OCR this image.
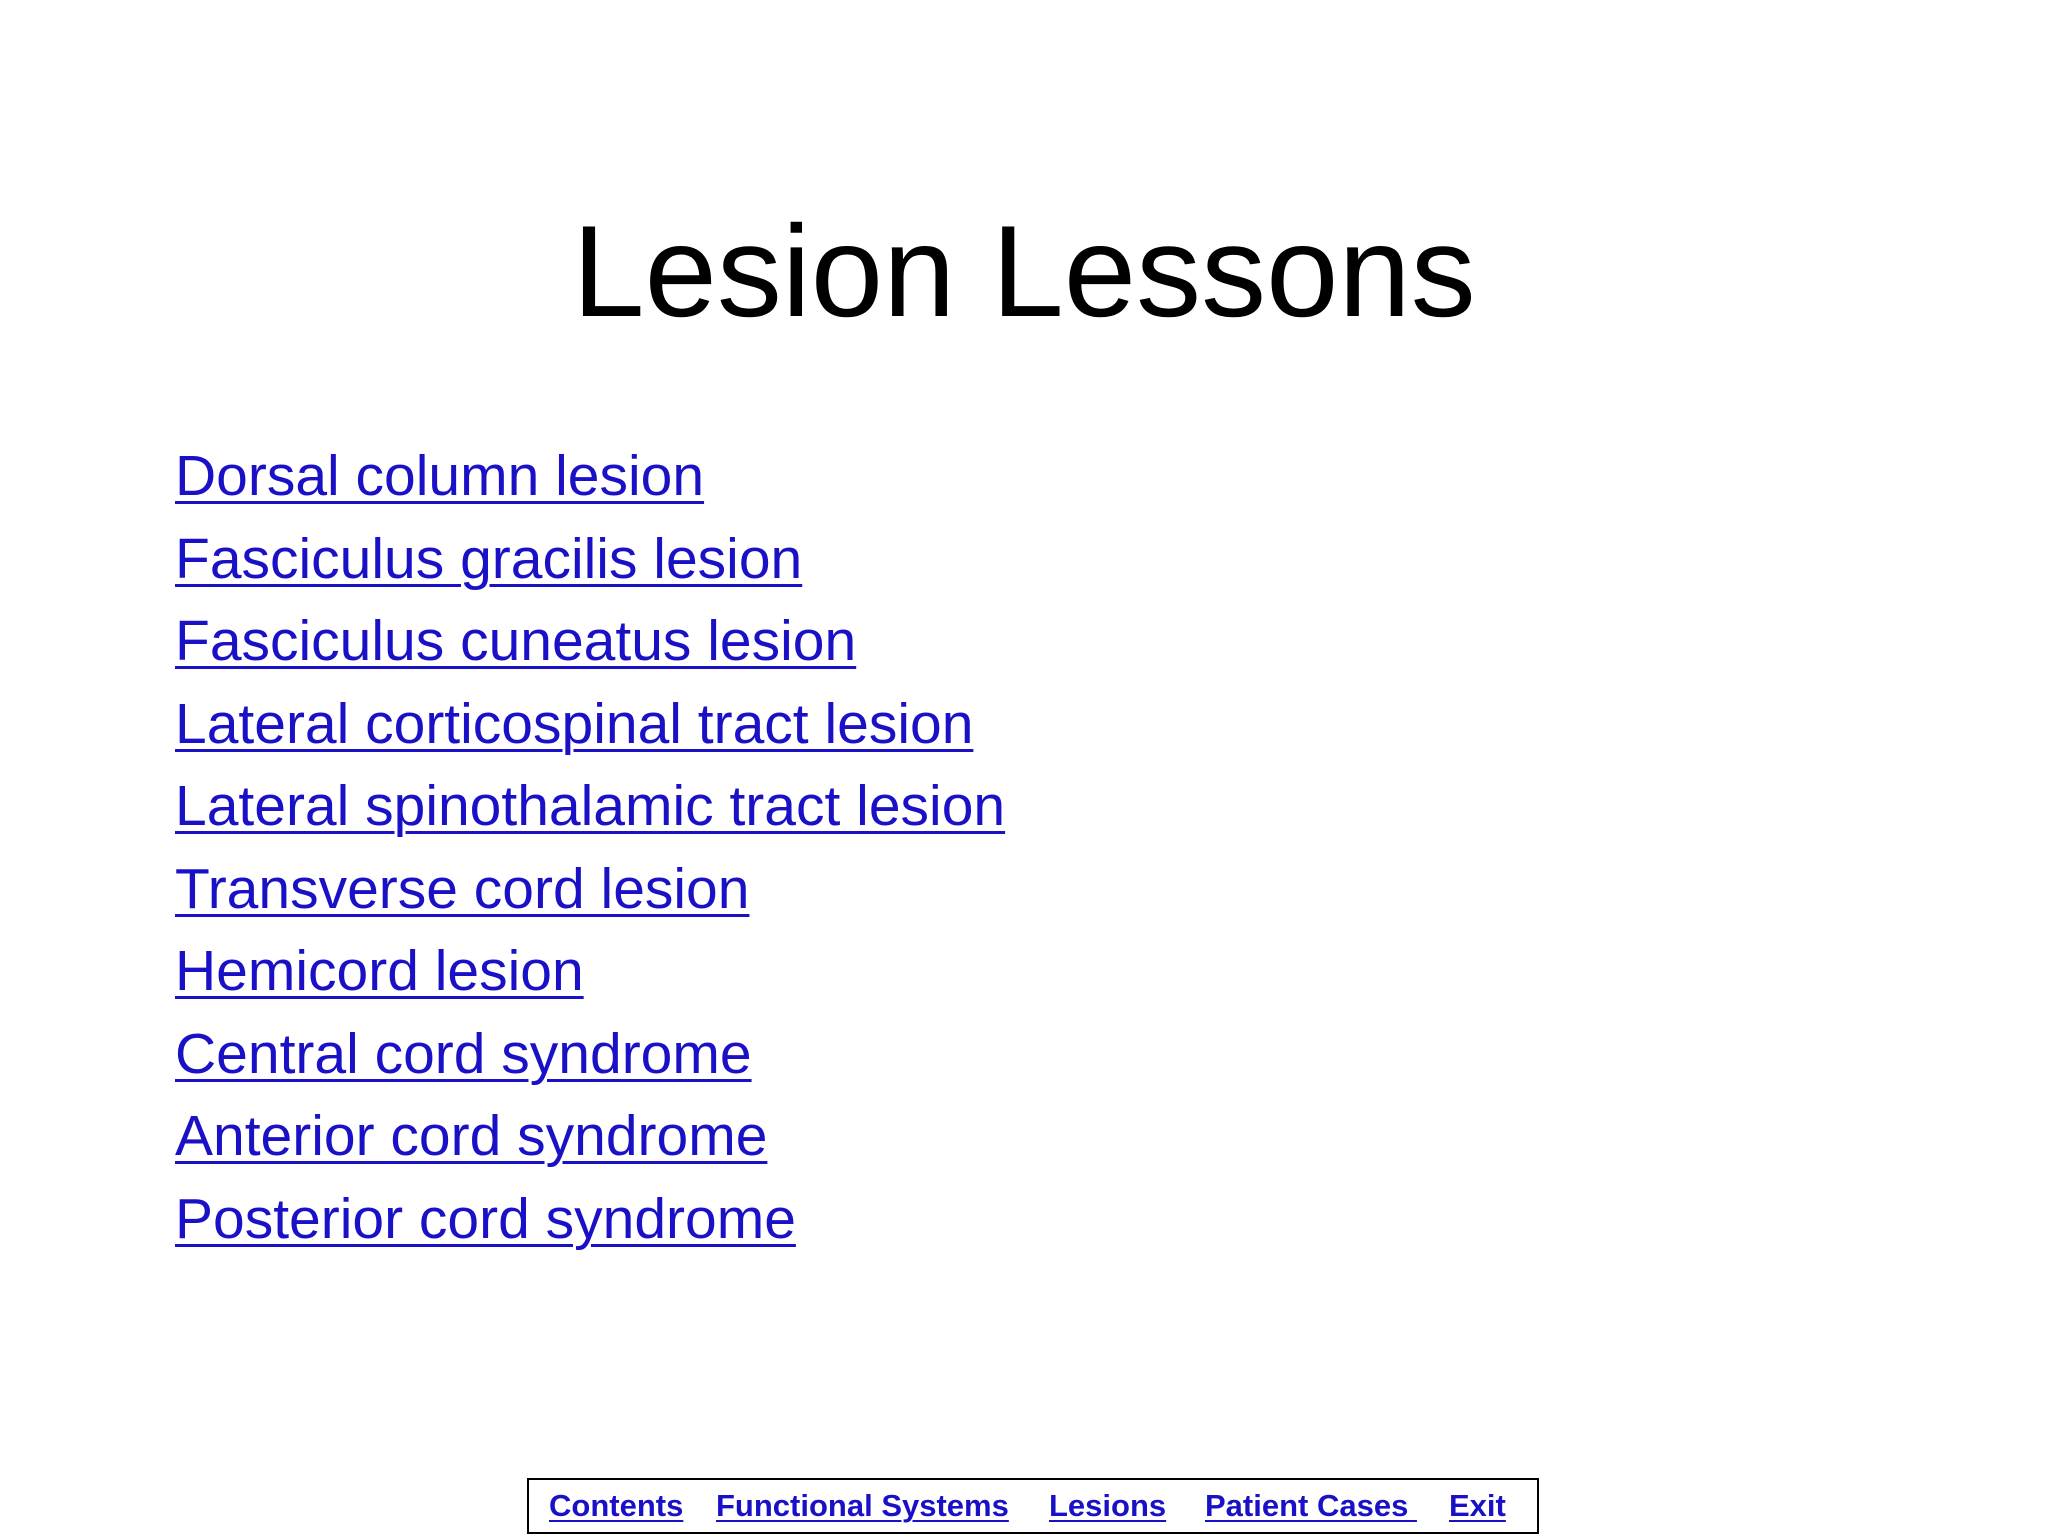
Lesion Lessons
Dorsal column lesion
Fasciculus gracilis lesion
Fasciculus cuneatus lesion
Lateral corticospinal tract lesion
Lateral spinothalamic tract lesion
Transverse cord lesion
Hemicord lesion
Central cord syndrome
Anterior cord syndrome
Posterior cord syndrome
Contents Functional Systems Lesions Patient Cases Exit
